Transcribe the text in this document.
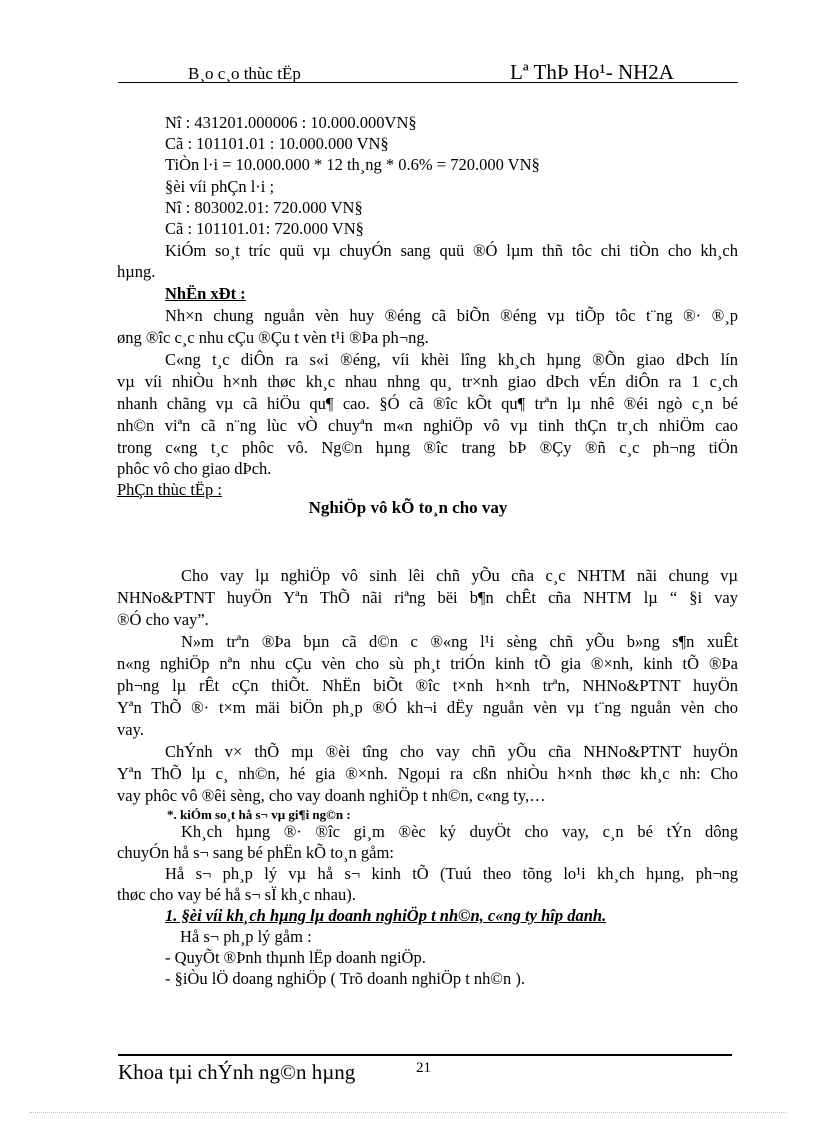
B¸o c¸o thùc tËp	Lª ThÞ Ho¹- NH2A
Nî : 431201.000006 : 10.000.000VN§
Cã : 101101.01 : 10.000.000 VN§
TiÒn l·i = 10.000.000 * 12 th¸ng * 0.6% = 720.000 VN§
§èi víi phÇn l·i ;
Nî : 803002.01: 720.000 VN§
Cã : 101101.01: 720.000 VN§
KiÓm so¸t tríc quü vµ chuyÓn sang quü ®Ó lµm thñ tôc chi tiÒn cho kh¸ch
hµng.
NhËn xÐt :
Nh×n chung nguån vèn huy ®éng cã biÕn ®éng vµ tiÕp tôc t¨ng ®· ®¸p
øng ®îc c¸c nhu cÇu ®Çu t vèn t¹i ®Þa ph¬ng.
C«ng t¸c diÔn ra s«i ®éng, víi khèi lîng kh¸ch hµng ®Õn giao dÞch lín
vµ víi nhiÒu h×nh thøc kh¸c nhau nhng qu¸ tr×nh giao dÞch vÉn diÔn ra 1 c¸ch
nhanh chãng vµ cã hiÖu qu¶ cao. §Ó cã ®îc kÕt qu¶ trªn lµ nhê ®éi ngò c¸n bé
nh©n viªn cã n¨ng lùc vÒ chuyªn m«n nghiÖp vô vµ tinh thÇn tr¸ch nhiÖm cao
trong c«ng t¸c phôc vô. Ng©n hµng ®îc trang bÞ ®Çy ®ñ c¸c ph¬ng tiÖn
phôc vô cho giao dÞch.
PhÇn thùc tËp :
NghiÖp vô kÕ to¸n cho vay
Cho vay lµ nghiÖp vô sinh lêi chñ yÕu cña c¸c NHTM nãi chung vµ
NHNo&PTNT huyÖn Yªn ThÕ nãi riªng bëi b¶n chÊt cña NHTM lµ “ §i vay
®Ó cho vay”.
N»m trªn ®Þa bµn cã d©n c ®«ng l¹i sèng chñ yÕu b»ng s¶n xuÊt
n«ng nghiÖp nªn nhu cÇu vèn cho sù ph¸t triÓn kinh tÕ gia ®×nh, kinh tÕ ®Þa
ph¬ng lµ rÊt cÇn thiÕt. NhËn biÕt ®îc t×nh h×nh trªn, NHNo&PTNT huyÖn
Yªn ThÕ ®· t×m mäi biÖn ph¸p ®Ó kh¬i dËy nguån vèn vµ t¨ng nguån vèn cho
vay.
ChÝnh v× thÕ mµ ®èi tîng cho vay chñ yÕu cña NHNo&PTNT huyÖn
Yªn ThÕ lµ c¸ nh©n, hé gia ®×nh. Ngoµi ra cßn nhiÒu h×nh thøc kh¸c nh: Cho
vay phôc vô ®êi sèng, cho vay doanh nghiÖp t nh©n, c«ng ty,…
*. kiÓm so¸t hå s¬ vµ gi¶i ng©n :
Kh¸ch hµng ®· ®îc gi¸m ®èc ký duyÖt cho vay, c¸n bé tÝn dông
chuyÓn hå s¬ sang bé phËn kÕ to¸n gåm:
Hå s¬ ph¸p lý vµ hå s¬ kinh tÕ (Tuú theo tõng lo¹i kh¸ch hµng, ph¬ng
thøc cho vay bé hå s¬ sÏ kh¸c nhau).
1. §èi víi kh¸ch hµng lµ doanh nghiÖp t nh©n, c«ng ty hîp danh.
Hå s¬ ph¸p lý gåm :
- QuyÕt ®Þnh thµnh lËp doanh ngiÖp.
- §iÒu lÖ doang nghiÖp ( Trõ doanh nghiÖp t nh©n ).
Khoa tµi chÝnh ng©n hµng	21
